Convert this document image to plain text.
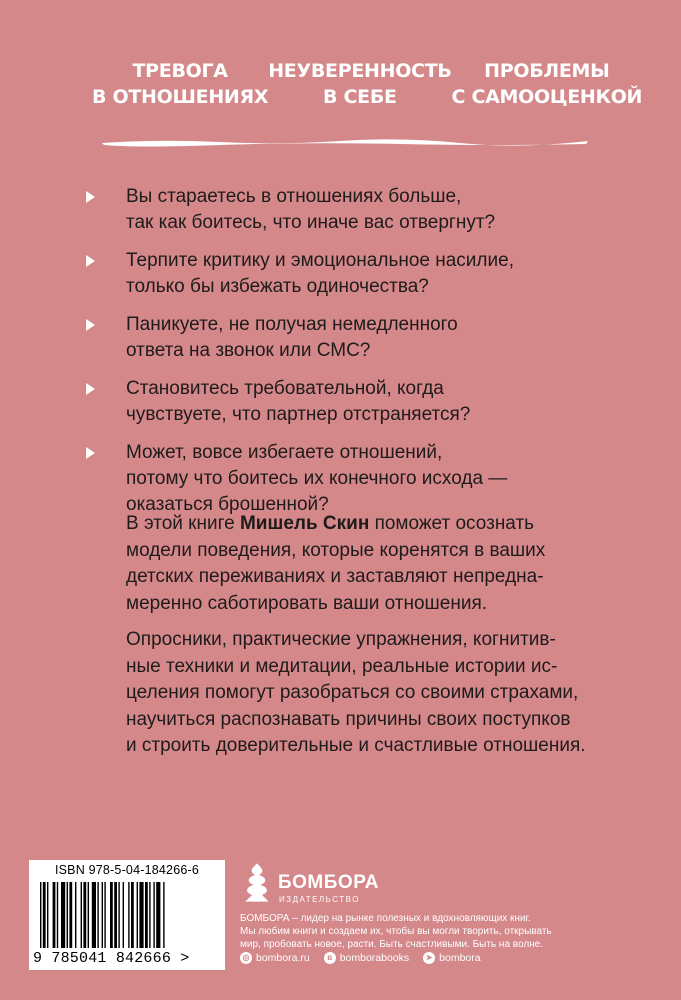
ТРЕВОГА
В ОТНОШЕНИЯХ
НЕУВЕРЕННОСТЬ
В СЕБЕ
ПРОБЛЕМЫ
С САМООЦЕНКОЙ
Вы стараетесь в отношениях больше,
так как боитесь, что иначе вас отвергнут?
Терпите критику и эмоциональное насилие,
только бы избежать одиночества?
Паникуете, не получая немедленного
ответа на звонок или СМС?
Становитесь требовательной, когда
чувствуете, что партнер отстраняется?
Может, вовсе избегаете отношений,
потому что боитесь их конечного исхода —
оказаться брошенной?
В этой книге Мишель Скин поможет осознать
модели поведения, которые коренятся в ваших
детских переживаниях и заставляют непредна-
меренно саботировать ваши отношения.
Опросники, практические упражнения, когнитив-
ные техники и медитации, реальные истории ис-
целения помогут разобраться со своими страхами,
научиться распознавать причины своих поступков
и строить доверительные и счастливые отношения.
ISBN 978-5-04-184266-6
9 785041 842666 >
БОМБОРА
ИЗДАТЕЛЬСТВО
БОМБОРА – лидер на рынке полезных и вдохновляющих книг.
Мы любим книги и создаем их, чтобы вы могли творить, открывать
мир, пробовать новое, расти. Быть счастливыми. Быть на волне.
◎ bombora.ru	в bomborabooks	➤ bombora
